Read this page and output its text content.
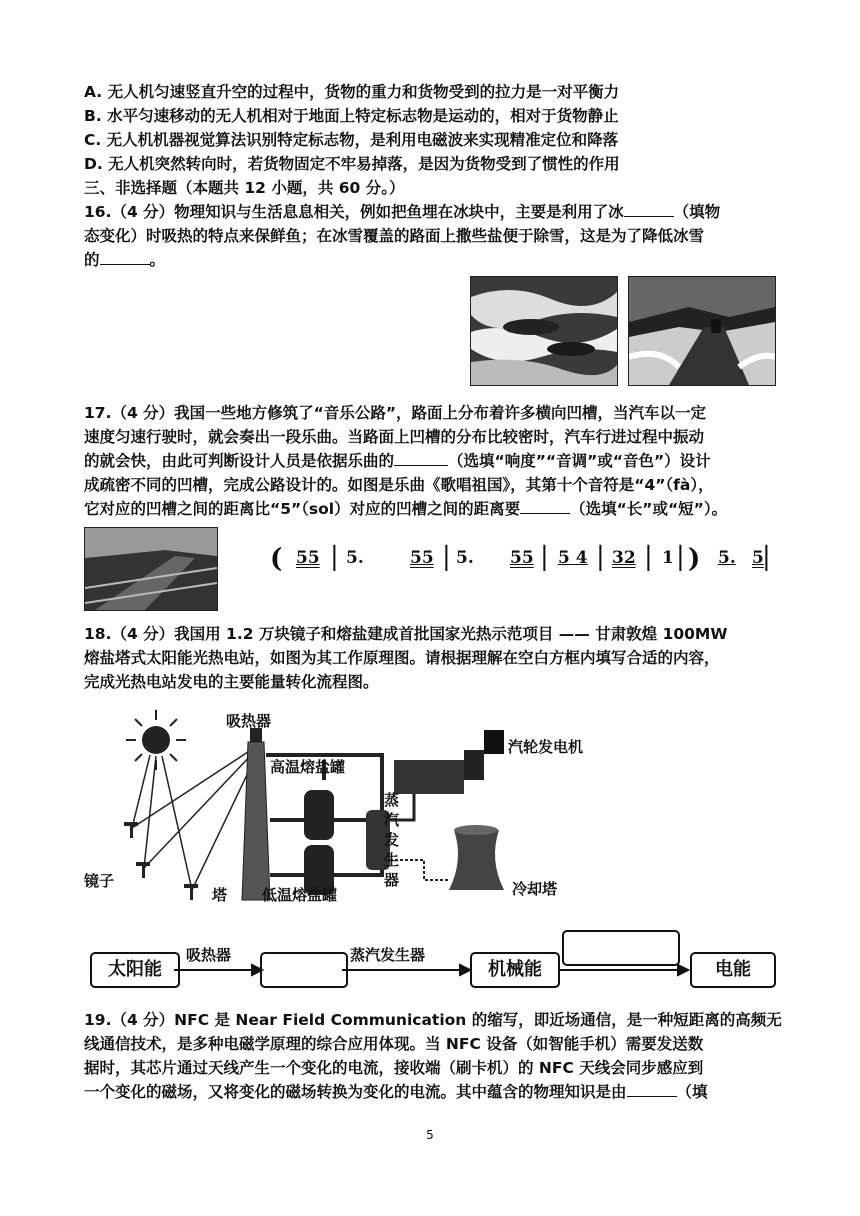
A. 无人机匀速竖直升空的过程中，货物的重力和货物受到的拉力是一对平衡力
B. 水平匀速移动的无人机相对于地面上特定标志物是运动的，相对于货物静止
C. 无人机机器视觉算法识别特定标志物，是利用电磁波来实现精准定位和降落
D. 无人机突然转向时，若货物固定不牢易掉落，是因为货物受到了惯性的作用
三、非选择题（本题共 12 小题，共 60 分。）
16.（4 分）物理知识与生活息息相关，例如把鱼埋在冰块中，主要是利用了冰	（填物
态变化）时吸热的特点来保鲜鱼；在冰雪覆盖的路面上撒些盐便于除雪，这是为了降低冰雪
的	。
17.（4 分）我国一些地方修筑了“音乐公路”，路面上分布着许多横向凹槽，当汽车以一定
速度匀速行驶时，就会奏出一段乐曲。当路面上凹槽的分布比较密时，汽车行进过程中振动
的就会快，由此可判断设计人员是依据乐曲的	（选填“响度”“音调”或“音色”）设计
成疏密不同的凹槽，完成公路设计的。如图是乐曲《歌唱祖国》，其第十个音符是“4”（fà），
它对应的凹槽之间的距离比“5”（sol）对应的凹槽之间的距离要	（选填“长”或“短”）。
( 55 | 5.	55 | 5. 55 | 5 4 | 32 | 1 | ) 5. 5
|
18.（4 分）我国用 1.2 万块镜子和熔盐建成首批国家光热示范项目 —— 甘肃敦煌 100MW
熔盐塔式太阳能光热电站，如图为其工作原理图。请根据理解在空白方框内填写合适的内容，
完成光热电站发电的主要能量转化流程图。
吸热器
高温熔盐罐
蒸汽发生器
汽轮发电机
镜子
塔 低温熔盐罐	冷却塔
太阳能
吸热器	蒸汽发生器
机械能	电能
19.（4 分）NFC 是 Near Field Communication 的缩写，即近场通信，是一种短距离的高频无
线通信技术，是多种电磁学原理的综合应用体现。当 NFC 设备（如智能手机）需要发送数
据时，其芯片通过天线产生一个变化的电流，接收端（刷卡机）的 NFC 天线会同步感应到
一个变化的磁场，又将变化的磁场转换为变化的电流。其中蕴含的物理知识是由	（填
5
